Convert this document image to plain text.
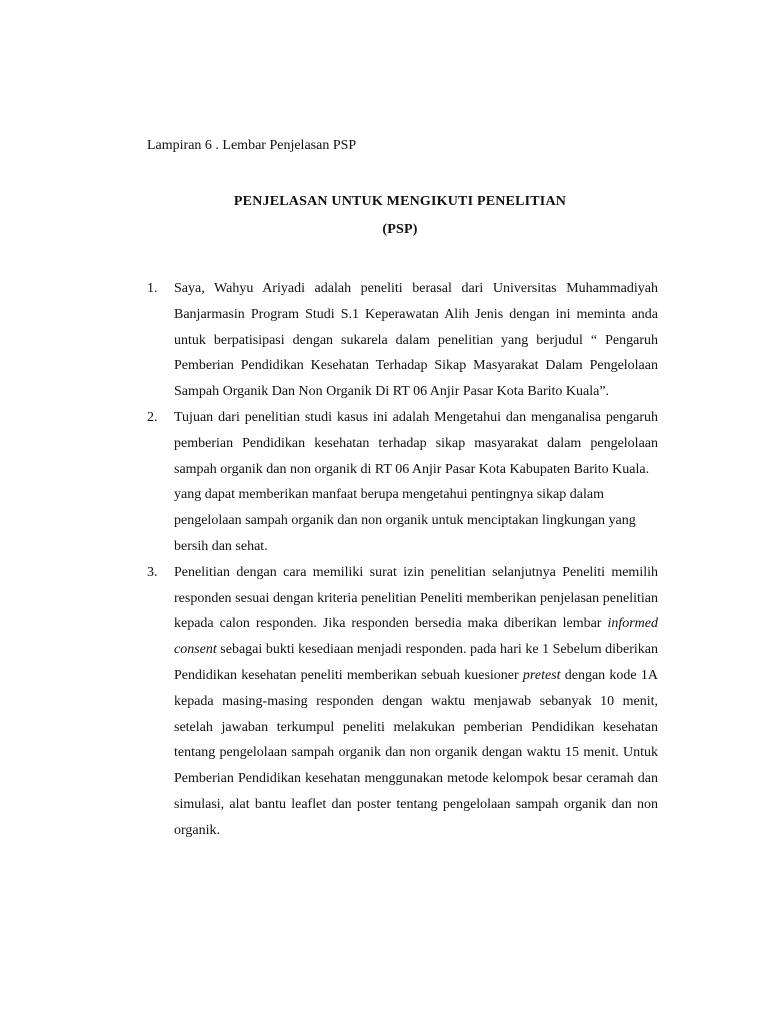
Lampiran 6 . Lembar Penjelasan PSP
PENJELASAN UNTUK MENGIKUTI PENELITIAN
(PSP)
1. Saya, Wahyu Ariyadi adalah peneliti berasal dari Universitas Muhammadiyah Banjarmasin Program Studi S.1 Keperawatan Alih Jenis dengan ini meminta anda untuk berpatisipasi dengan sukarela dalam penelitian yang berjudul “ Pengaruh Pemberian Pendidikan Kesehatan Terhadap Sikap Masyarakat Dalam Pengelolaan Sampah Organik Dan Non Organik Di RT 06 Anjir Pasar Kota Barito Kuala”.
2. Tujuan dari penelitian studi kasus ini adalah Mengetahui dan menganalisa pengaruh pemberian Pendidikan kesehatan terhadap sikap masyarakat dalam pengelolaan sampah organik dan non organik di RT 06 Anjir Pasar Kota Kabupaten Barito Kuala.
yang dapat memberikan manfaat berupa mengetahui pentingnya sikap dalam pengelolaan sampah organik dan non organik untuk menciptakan lingkungan yang bersih dan sehat.
3. Penelitian dengan cara memiliki surat izin penelitian selanjutnya Peneliti memilih responden sesuai dengan kriteria penelitian Peneliti memberikan penjelasan penelitian kepada calon responden. Jika responden bersedia maka diberikan lembar informed consent sebagai bukti kesediaan menjadi responden. pada hari ke 1 Sebelum diberikan Pendidikan kesehatan peneliti memberikan sebuah kuesioner pretest dengan kode 1A kepada masing-masing responden dengan waktu menjawab sebanyak 10 menit, setelah jawaban terkumpul peneliti melakukan pemberian Pendidikan kesehatan tentang pengelolaan sampah organik dan non organik dengan waktu 15 menit. Untuk Pemberian Pendidikan kesehatan menggunakan metode kelompok besar ceramah dan simulasi, alat bantu leaflet dan poster tentang pengelolaan sampah organik dan non organik.
